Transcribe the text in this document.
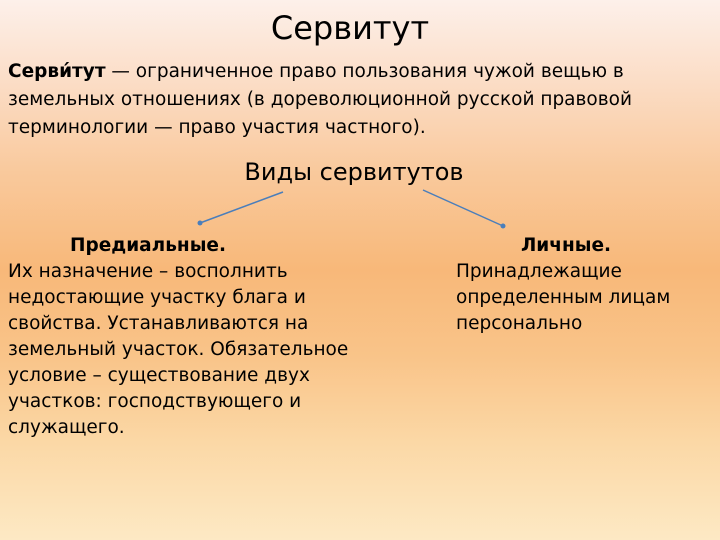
Сервитут
Серви́тут — ограниченное право пользования чужой вещью в земельных отношениях (в дореволюционной русской правовой терминологии — право участия частного).
Виды сервитутов
Предиальные.
Их назначение – восполнить недостающие участку блага и свойства. Устанавливаются на земельный участок. Обязательное условие – существование двух участков: господствующего и служащего.
Личные.
Принадлежащие определенным лицам персонально
